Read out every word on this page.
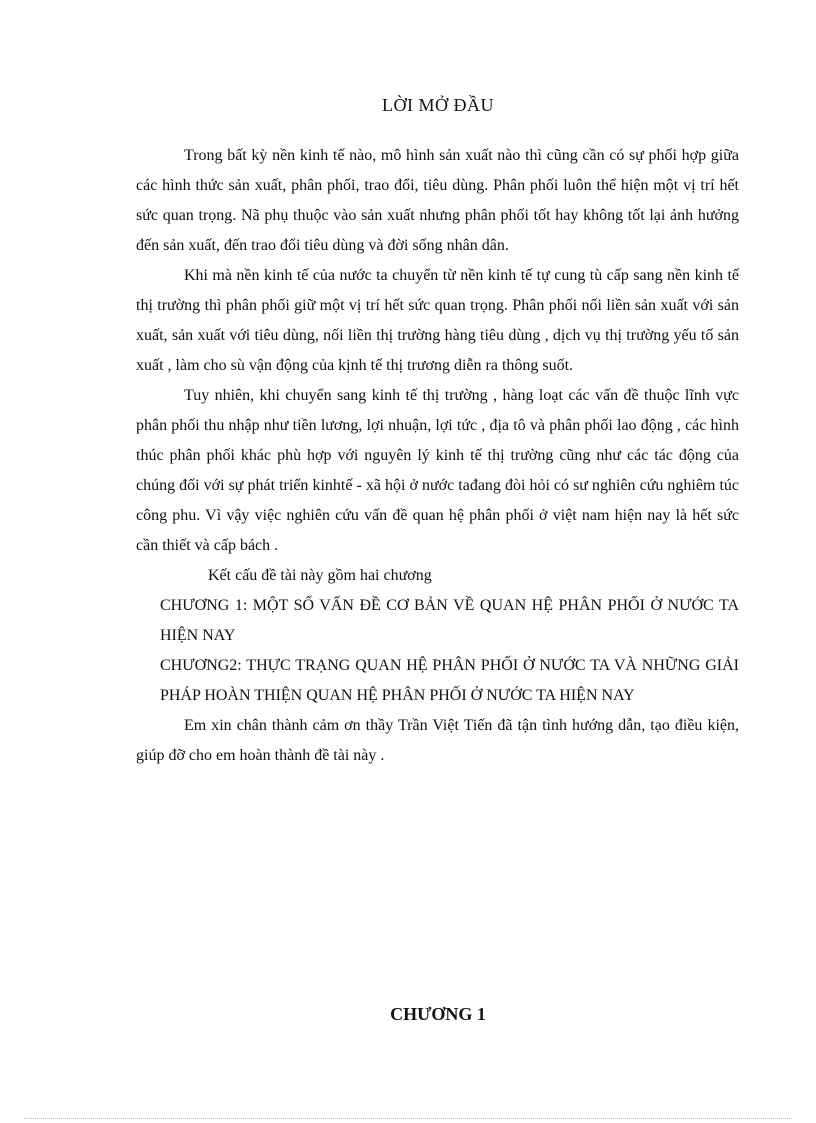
LỜI MỞ ĐẦU

Trong bất kỳ nền kinh tế nào, mô hình sản xuất nào thì cũng cần có sự phối hợp giữa các hình thức sản xuất, phân phối, trao đổi, tiêu dùng. Phân phối luôn thể hiện một vị trí hết sức quan trọng. Nã phụ thuộc vào sản xuất nhưng phân phối tốt hay không tốt lại ảnh hưởng đến sản xuất, đến trao đổi tiêu dùng và đời sống nhân dân.

Khi mà nền kinh tế của nước ta chuyển từ nền kinh tế tự cung tù cấp sang nền kinh tế thị trường thì phân phối giữ một vị trí hết sức quan trọng. Phân phối nối liền sản xuất với sản xuất, sản xuất với tiêu dùng, nối liền thị trường hàng tiêu dùng , dịch vụ thị trường yếu tố sản xuất , làm cho sù vận động của kịnh tế thị trương diễn ra thông suốt.

Tuy nhiên, khi chuyển sang kinh tế thị trường , hàng loạt các vấn đề thuộc lĩnh vực phân phối thu nhập như tiền lương, lợi nhuận, lợi tức , địa tô và phân phối lao động , các hình thúc phân phối khác phù hợp với nguyên lý kinh tế thị trường cũng như các tác động của chúng đối với sự phát triển kinhtế - xã hội ở nước tađang đòi hỏi có sư nghiên cứu nghiêm túc công phu. Vì vậy việc nghiên cứu vấn đề quan hệ phân phối ở việt nam hiện nay là hết sức cần thiết và cấp bách .

Kết cấu đề tài này gồm hai chương

CHƯƠNG 1: MỘT SỐ VẤN ĐỀ CƠ BẢN VỀ QUAN HỆ PHÂN PHỐI Ở NƯỚC TA HIỆN NAY

CHƯƠNG2: THỰC TRẠNG QUAN HỆ PHÂN PHỐI Ở NƯỚC TA VÀ NHỮNG GIẢI PHÁP HOÀN THIỆN QUAN HỆ PHÂN PHỐI Ở NƯỚC TA HIỆN NAY

Em xin chân thành cảm ơn thầy Trần Việt Tiến đã tận tình hướng dẫn, tạo điều kiện, giúp đỡ cho em hoàn thành đề tài này .

CHƯƠNG 1
